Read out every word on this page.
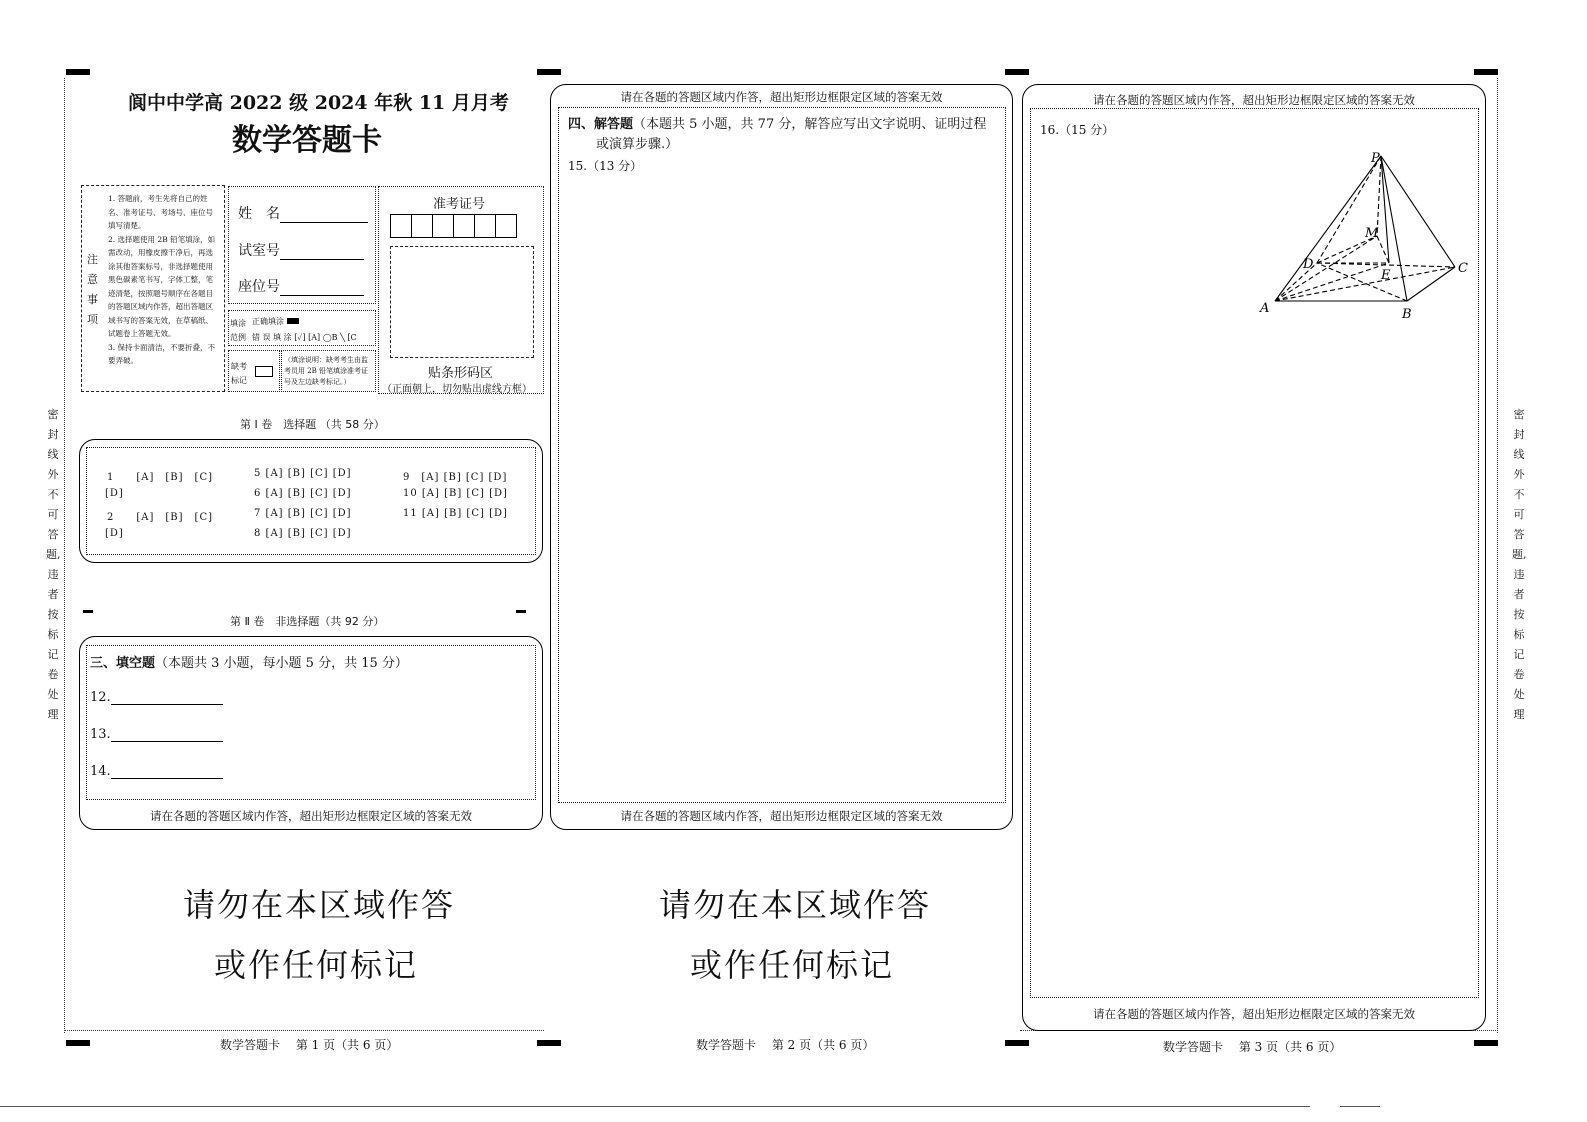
密封线外不可答题,违者按标记卷处理
密封线外不可答题,违者按标记卷处理
阆中中学高 2022 级 2024 年秋 11 月月考
数学答题卡
注
意
事
项
1. 答题前，考生先将自己的姓名、准考证号、考场号、座位号填写清楚。
2. 选择题使用 2B 铅笔填涂，如需改动，用橡皮擦干净后，再选涂其他答案标号，非选择题使用黑色碳素笔书写，字体工整，笔迹清楚，按照题号顺序在各题目的答题区域内作答，超出答题区域书写的答案无效，在草稿纸、试题卷上答题无效。
3. 保持卡面清洁，不要折叠，不要弄破。
姓　名
试室号
座位号
填涂
范例
正确填涂
错 误 填 涂 [✓] [A] ◯B ╲ [C
缺考
标记
（填涂说明：缺考考生由监考员用 2B 铅笔填涂准考证号及左边缺考标记。）
准考证号
贴条形码区
（正面朝上，切勿贴出虚线方框）
第 Ⅰ 卷　选择题 （共 58 分）
1　　[A]　[B]　[C]	5 [A] [B] [C] [D]	9　[A] [B] [C] [D]
[D]	6 [A] [B] [C] [D]	10 [A] [B] [C] [D]
2　　[A]　[B]　[C]	7 [A] [B] [C] [D]	11 [A] [B] [C] [D]
[D]	8 [A] [B] [C] [D]
第 Ⅱ 卷　非选择题（共 92 分）
三、填空题（本题共 3 小题，每小题 5 分，共 15 分）
12.
13.
14.
请在各题的答题区域内作答，超出矩形边框限定区域的答案无效
请勿在本区域作答
或作任何标记
数学答题卡　 第 1 页（共 6 页）
请在各题的答题区域内作答，超出矩形边框限定区域的答案无效
四、解答题（本题共 5 小题，共 77 分，解答应写出文字说明、证明过程
或演算步骤.）
15.（13 分）
请在各题的答题区域内作答，超出矩形边框限定区域的答案无效
请勿在本区域作答
或作任何标记
数学答题卡　 第 2 页（共 6 页）
请在各题的答题区域内作答，超出矩形边框限定区域的答案无效
16.（15 分）
P
M
D
E	C
A	B
请在各题的答题区域内作答，超出矩形边框限定区域的答案无效
数学答题卡　 第 3 页（共 6 页）
